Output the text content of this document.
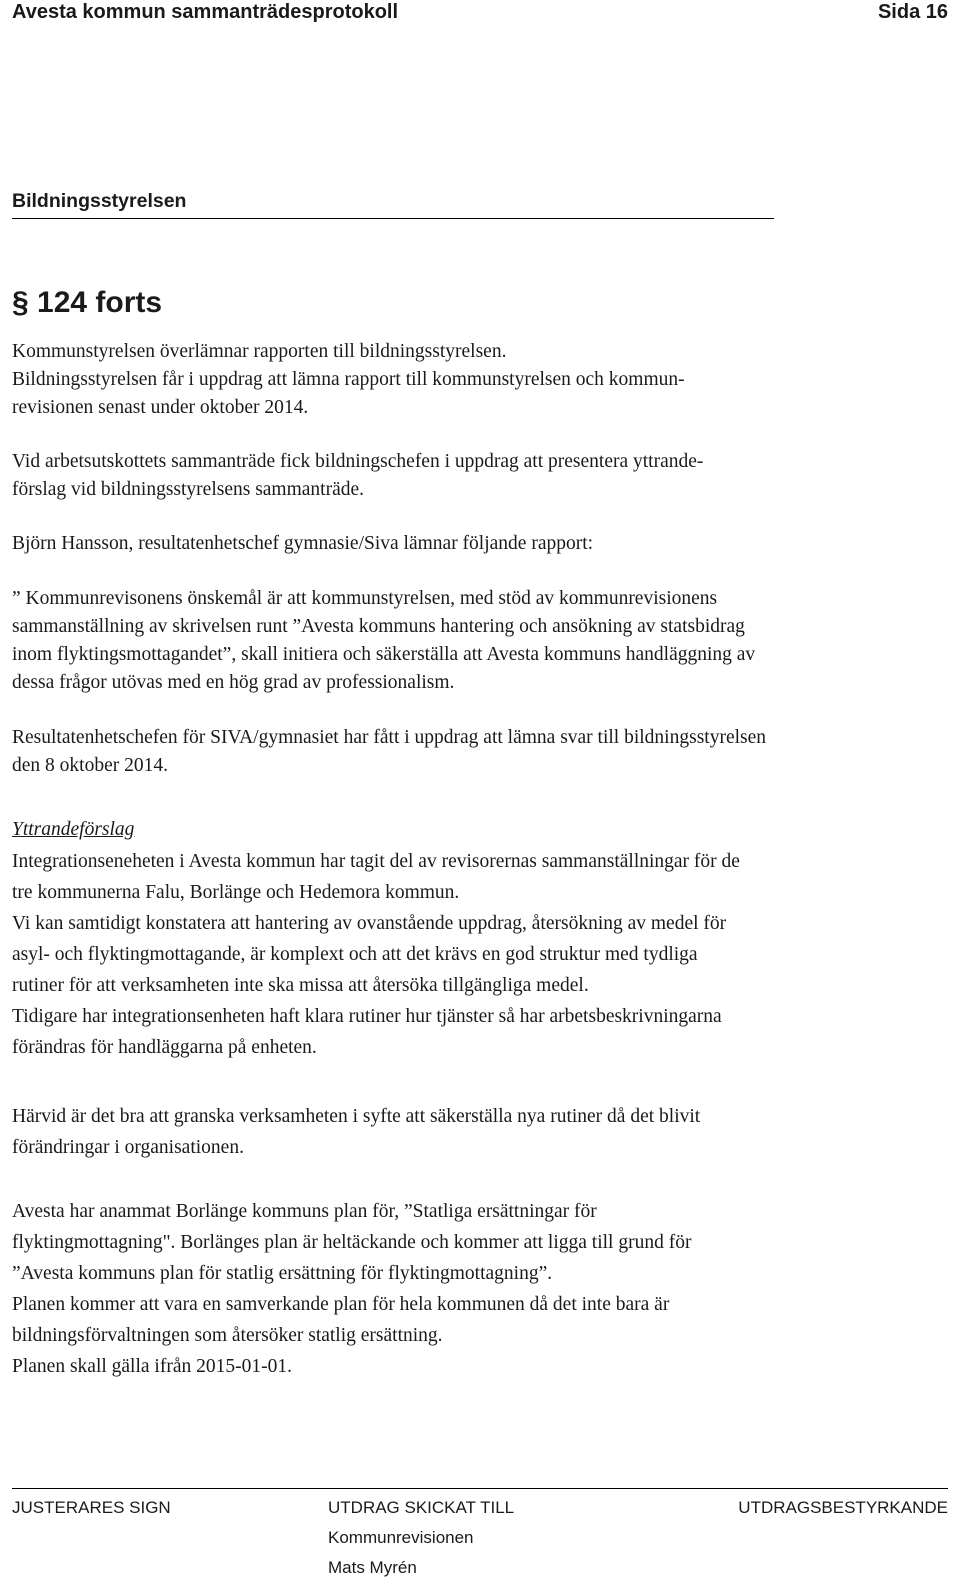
Avesta kommun sammanträdesprotokoll	Sida 16
Bildningsstyrelsen
§ 124 forts
Kommunstyrelsen överlämnar rapporten till bildningsstyrelsen.
Bildningsstyrelsen får i uppdrag att lämna rapport till kommunstyrelsen och kommun-
revisionen senast under oktober 2014.
Vid arbetsutskottets sammanträde fick bildningschefen i uppdrag att presentera yttrande-
förslag vid bildningsstyrelsens sammanträde.
Björn Hansson, resultatenhetschef gymnasie/Siva lämnar följande rapport:
” Kommunrevisonens önskemål är att kommunstyrelsen, med stöd av kommunrevisionens
sammanställning av skrivelsen runt ”Avesta kommuns hantering och ansökning av statsbidrag
inom flyktingsmottagandet”, skall initiera och säkerställa att Avesta kommuns handläggning av
dessa frågor utövas med en hög grad av professionalism.
Resultatenhetschefen för SIVA/gymnasiet har fått i uppdrag att lämna svar till bildningsstyrelsen
den 8 oktober 2014.
Yttrandeförslag
Integrationseneheten i Avesta kommun har tagit del av revisorernas sammanställningar för de
tre kommunerna Falu, Borlänge och Hedemora kommun.
Vi kan samtidigt konstatera att hantering av ovanstående uppdrag, återsökning av medel för
asyl- och flyktingmottagande, är komplext och att det krävs en god struktur med tydliga
rutiner för att verksamheten inte ska missa att återsöka tillgängliga medel.
Tidigare har integrationsenheten haft klara rutiner hur tjänster så har arbetsbeskrivningarna
förändras för handläggarna på enheten.
Härvid är det bra att granska verksamheten i syfte att säkerställa nya rutiner då det blivit
förändringar i organisationen.
Avesta har anammat Borlänge kommuns plan för, ”Statliga ersättningar för
flyktingmottagning". Borlänges plan är heltäckande och kommer att ligga till grund för
”Avesta kommuns plan för statlig ersättning för flyktingmottagning”.
Planen kommer att vara en samverkande plan för hela kommunen då det inte bara är
bildningsförvaltningen som återsöker statlig ersättning.
Planen skall gälla ifrån 2015-01-01.
JUSTERARES SIGN	UTDRAG SKICKAT TILL
Kommunrevisionen
Mats Myrén
UTDRAGSBESTYRKANDE
